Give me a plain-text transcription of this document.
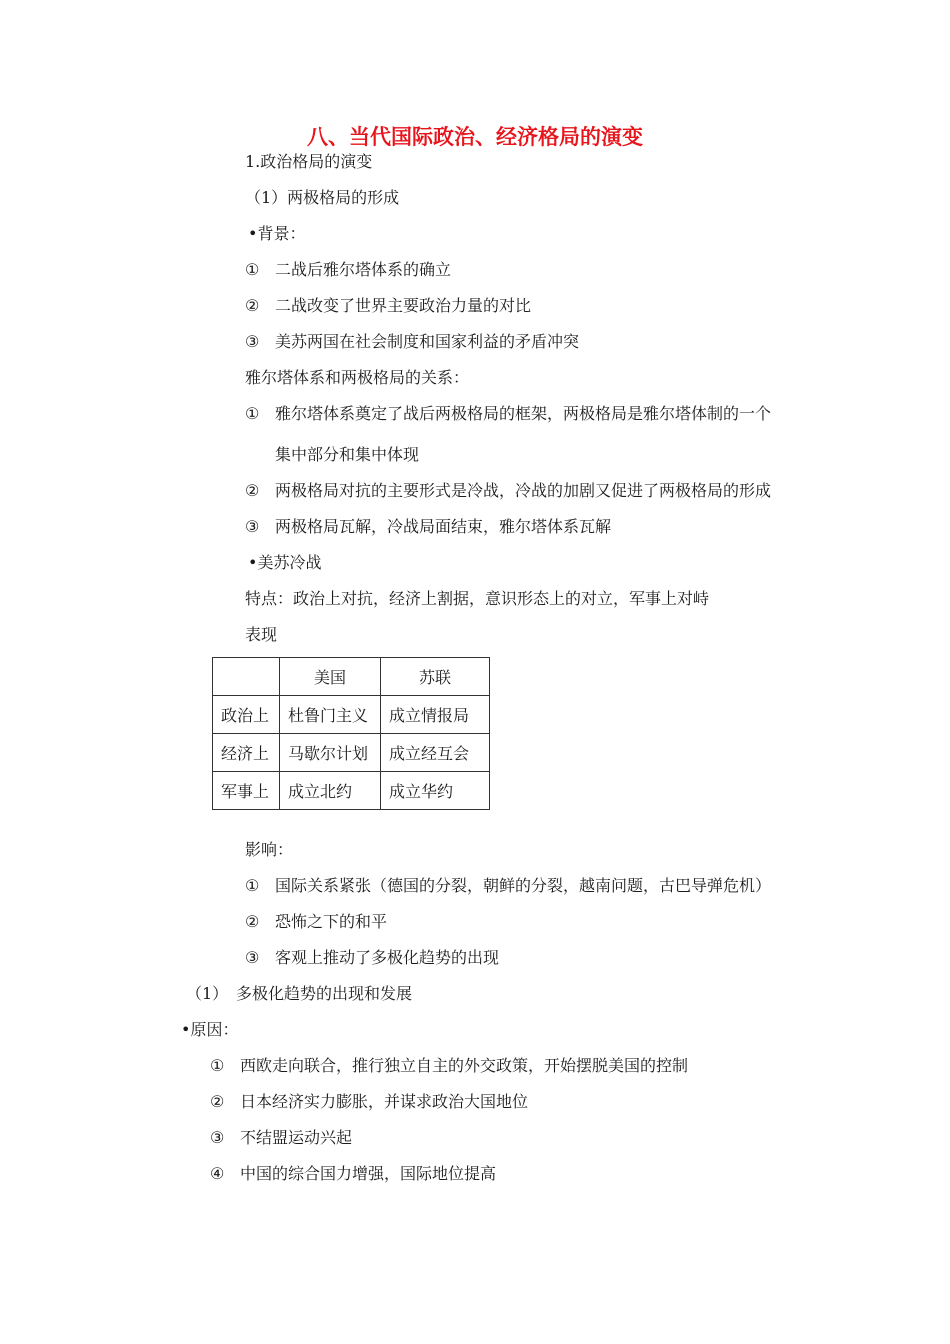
八、当代国际政治、经济格局的演变
1.政治格局的演变
（1）两极格局的形成
•背景：
① 二战后雅尔塔体系的确立
② 二战改变了世界主要政治力量的对比
③ 美苏两国在社会制度和国家利益的矛盾冲突
雅尔塔体系和两极格局的关系：
① 雅尔塔体系奠定了战后两极格局的框架，两极格局是雅尔塔体制的一个
集中部分和集中体现
② 两极格局对抗的主要形式是冷战，冷战的加剧又促进了两极格局的形成
③ 两极格局瓦解，冷战局面结束，雅尔塔体系瓦解
•美苏冷战
特点：政治上对抗，经济上割据，意识形态上的对立，军事上对峙
表现
	美国	苏联
政治上	杜鲁门主义	成立情报局
经济上	马歇尔计划	成立经互会
军事上	成立北约	成立华约
影响：
① 国际关系紧张（德国的分裂，朝鲜的分裂，越南问题，古巴导弹危机）
② 恐怖之下的和平
③ 客观上推动了多极化趋势的出现
（1） 多极化趋势的出现和发展
•原因：
① 西欧走向联合，推行独立自主的外交政策，开始摆脱美国的控制
② 日本经济实力膨胀，并谋求政治大国地位
③ 不结盟运动兴起
④ 中国的综合国力增强，国际地位提高
